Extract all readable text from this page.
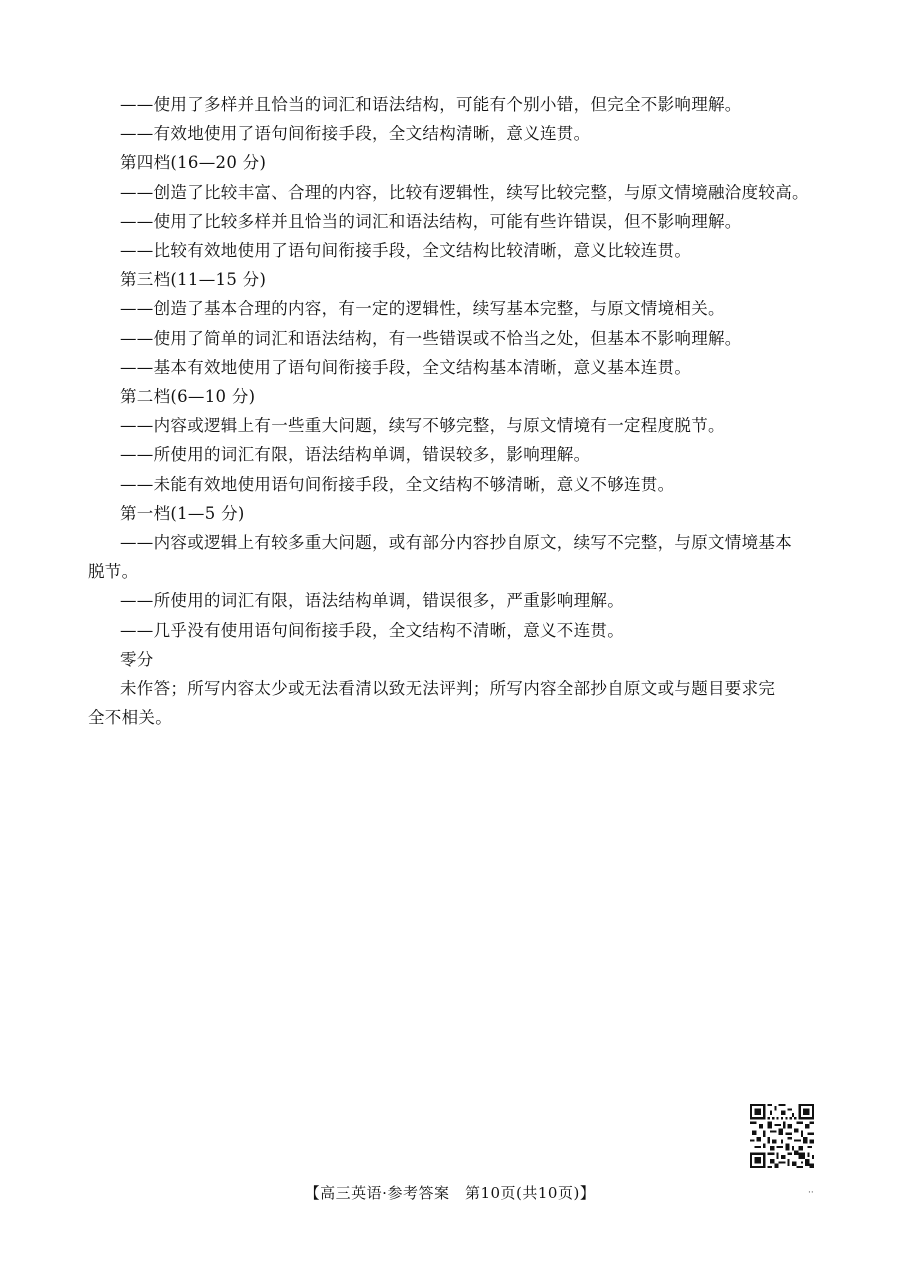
——使用了多样并且恰当的词汇和语法结构，可能有个别小错，但完全不影响理解。
——有效地使用了语句间衔接手段，全文结构清晰，意义连贯。
第四档(16—20 分)
——创造了比较丰富、合理的内容，比较有逻辑性，续写比较完整，与原文情境融洽度较高。
——使用了比较多样并且恰当的词汇和语法结构，可能有些许错误，但不影响理解。
——比较有效地使用了语句间衔接手段，全文结构比较清晰，意义比较连贯。
第三档(11—15 分)
——创造了基本合理的内容，有一定的逻辑性，续写基本完整，与原文情境相关。
——使用了简单的词汇和语法结构，有一些错误或不恰当之处，但基本不影响理解。
——基本有效地使用了语句间衔接手段，全文结构基本清晰，意义基本连贯。
第二档(6—10 分)
——内容或逻辑上有一些重大问题，续写不够完整，与原文情境有一定程度脱节。
——所使用的词汇有限，语法结构单调，错误较多，影响理解。
——未能有效地使用语句间衔接手段，全文结构不够清晰，意义不够连贯。
第一档(1—5 分)
——内容或逻辑上有较多重大问题，或有部分内容抄自原文，续写不完整，与原文情境基本
脱节。
——所使用的词汇有限，语法结构单调，错误很多，严重影响理解。
——几乎没有使用语句间衔接手段，全文结构不清晰，意义不连贯。
零分
未作答；所写内容太少或无法看清以致无法评判；所写内容全部抄自原文或与题目要求完
全不相关。
【高三英语·参考答案　第10页(共10页)】	··
